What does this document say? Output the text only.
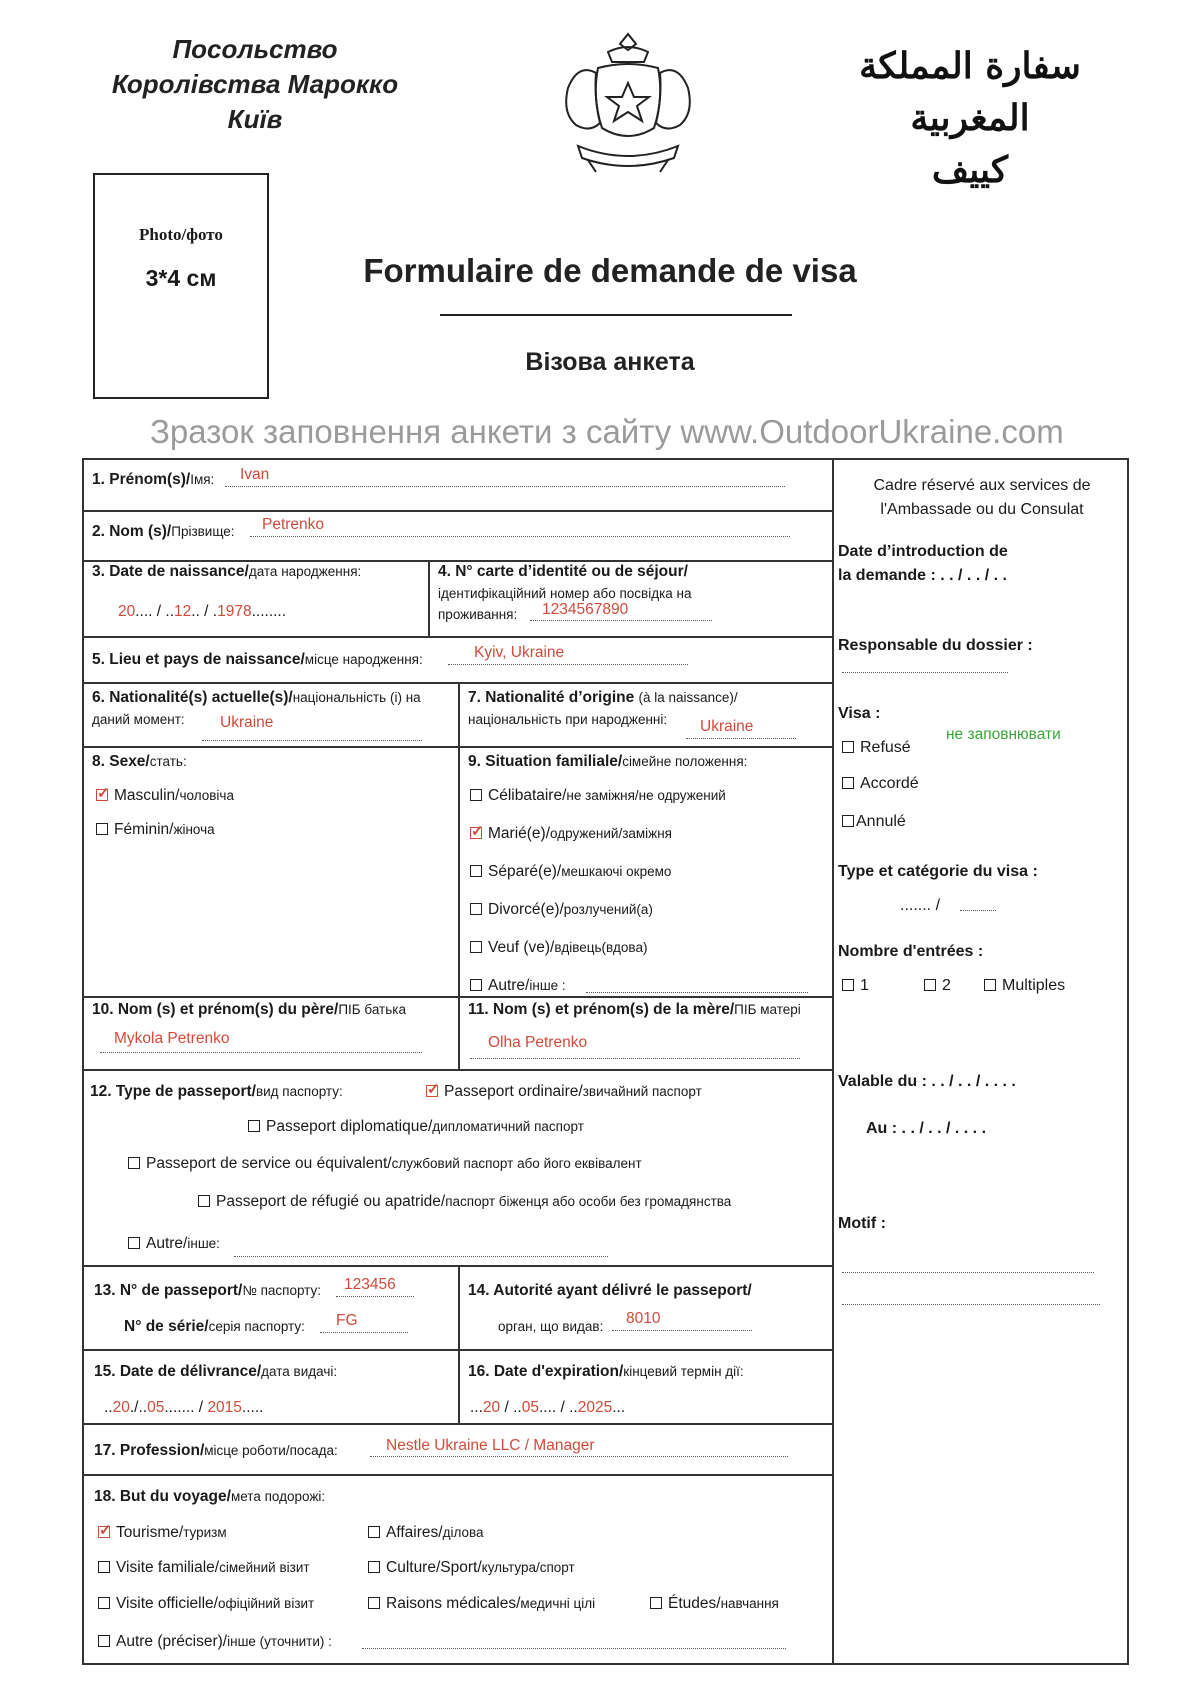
Посольство
Королівства Марокко
Київ
سفارة المملكة المغربية
كييف
Photo/фото
3*4 см	Formulaire de demande de visa
Візова анкета
Зразок заповнення анкети з сайту www.OutdoorUkraine.com
1. Prénom(s)/Імя: Ivan
2. Nom (s)/Прізвище: Petrenko
3. Date de naissance/дата народження:
20.... / ..12.. / .1978........
4. N° carte d’identité ou de séjour/
ідентифікаційний номер або посвідка на
проживання: 1234567890
5. Lieu et pays de naissance/місце народження:	Kyiv, Ukraine
6. Nationalité(s) actuelle(s)/національність (і) на
даний момент: Ukraine
7. Nationalité d’origine (à la naissance)/
національність при народженні: Ukraine
8. Sexe/стать:
✓Masculin/чоловіча
Féminin/жіноча
9. Situation familiale/сімейне положення:
Célibataire/не заміжня/не одружений
✓Marié(e)/одружений/заміжня
Séparé(e)/мешкаючі окремо
Divorcé(e)/розлучений(а)
Veuf (ve)/вдівець(вдова)
Autre/інше :
10. Nom (s) et prénom(s) du père/ПІБ батька
Mykola Petrenko
11. Nom (s) et prénom(s) de la mère/ПІБ матері
Olha Petrenko
12. Type de passeport/вид паспорту:
✓	Passeport ordinaire/звичайний паспорт
Passeport diplomatique/дипломатичний паспорт
Passeport de service ou équivalent/службовий паспорт або його еквівалент
Passeport de réfugié ou apatride/паспорт біженця або особи без громадянства
Autre/інше:
13. N° de passeport/№ паспорту: 123456
N° de série/серія паспорту: FG
14. Autorité ayant délivré le passeport/
орган, що видав: 8010
15. Date de délivrance/дата видачі:
..20./..05....... / 2015.....
16. Date d'expiration/кінцевий термін дії:
...20 / ..05.... / ..2025...
17. Profession/місце роботи/посада:	Nestle Ukraine LLC / Manager
18. But du voyage/мета подорожі:
✓Tourisme/туризм	Affaires/ділова
Visite familiale/сімейний візит	Culture/Sport/культура/спорт
Visite officielle/офіційний візит	Raisons médicales/медичні цілі	Études/навчання
Autre (préciser)/інше (уточнити) :
Cadre réservé aux services de
l'Ambassade ou du Consulat
Date d’introduction de
la demande : . . / . . / . .
Responsable du dossier :
Visa :
не заповнювати
Refusé
Accordé
Annulé
Type et catégorie du visa :
....... /
Nombre d'entrées :
1	2	Multiples
Valable du : . . / . . / . . . .
Au : . . / . . / . . . .
Motif :
